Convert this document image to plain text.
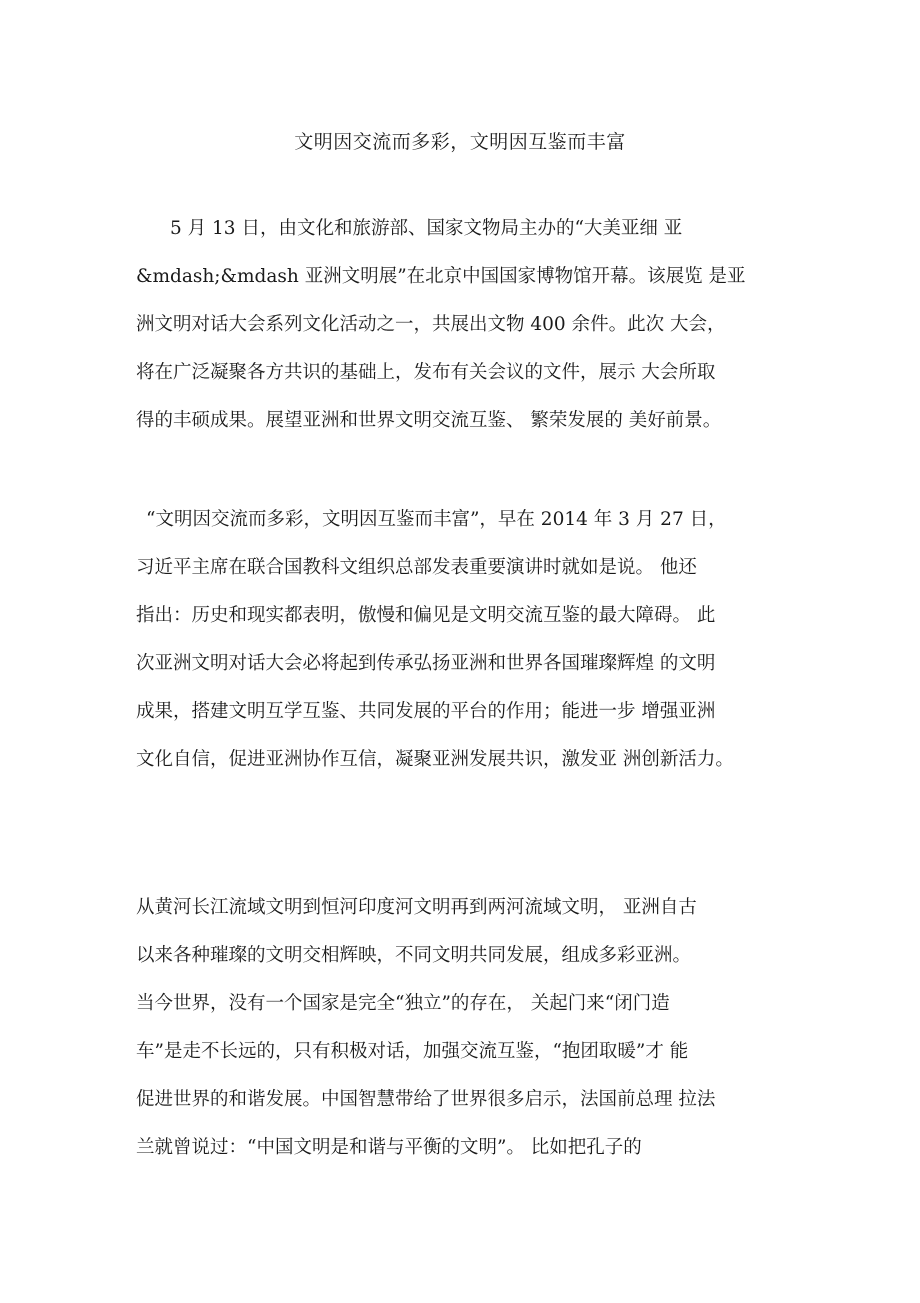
文明因交流而多彩，文明因互鉴而丰富
5 月 13 日，由文化和旅游部、国家文物局主办的“大美亚细 亚
&mdash;&mdash 亚洲文明展”在北京中国国家博物馆开幕。该展览 是亚
洲文明对话大会系列文化活动之一，共展出文物 400 余件。此次 大会，
将在广泛凝聚各方共识的基础上，发布有关会议的文件，展示 大会所取
得的丰硕成果。展望亚洲和世界文明交流互鉴、 繁荣发展的 美好前景。
“文明因交流而多彩，文明因互鉴而丰富”，早在 2014 年 3 月 27 日，
习近平主席在联合国教科文组织总部发表重要演讲时就如是说。 他还
指出：历史和现实都表明，傲慢和偏见是文明交流互鉴的最大障碍。 此
次亚洲文明对话大会必将起到传承弘扬亚洲和世界各国璀璨辉煌 的文明
成果，搭建文明互学互鉴、共同发展的平台的作用；能进一步 增强亚洲
文化自信，促进亚洲协作互信，凝聚亚洲发展共识，激发亚 洲创新活力。
从黄河长江流域文明到恒河印度河文明再到两河流域文明， 亚洲自古
以来各种璀璨的文明交相辉映，不同文明共同发展，组成多彩亚洲。
当今世界，没有一个国家是完全“独立”的存在， 关起门来“闭门造
车”是走不长远的，只有积极对话，加强交流互鉴，“抱团取暖”才 能
促进世界的和谐发展。中国智慧带给了世界很多启示，法国前总理 拉法
兰就曾说过：“中国文明是和谐与平衡的文明”。 比如把孔子的
